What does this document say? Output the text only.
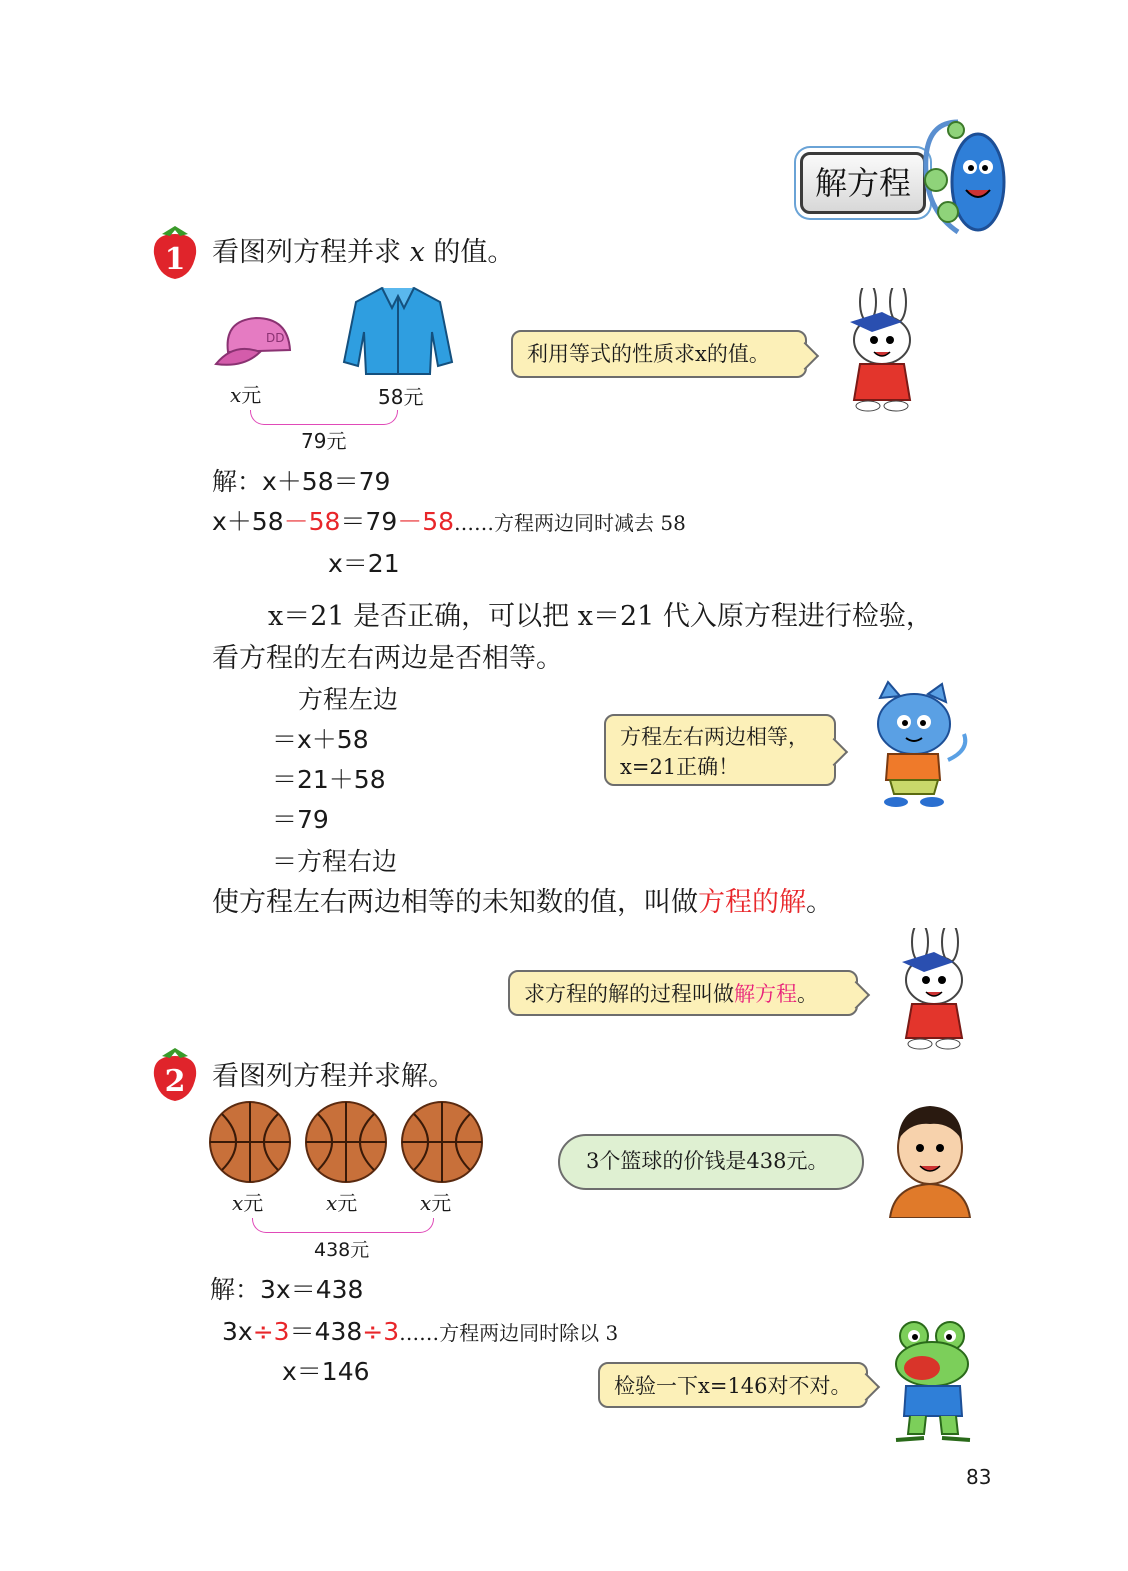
解方程
1 看图列方程并求 x 的值。
DD
x元	58元
79元
利用等式的性质求x的值。
解：x＋58＝79
x＋58－58＝79－58……方程两边同时减去 58
x＝21
x＝21 是否正确，可以把 x＝21 代入原方程进行检验，
看方程的左右两边是否相等。
方程左边
＝x＋58
＝21＋58
＝79
＝方程右边
方程左右两边相等，
x=21正确！
使方程左右两边相等的未知数的值，叫做方程的解。
求方程的解的过程叫做解方程。
2 看图列方程并求解。
x元	x元	x元
438元
3个篮球的价钱是438元。
解：3x＝438
3x÷3＝438÷3……方程两边同时除以 3
x＝146	检验一下x=146对不对。
83
